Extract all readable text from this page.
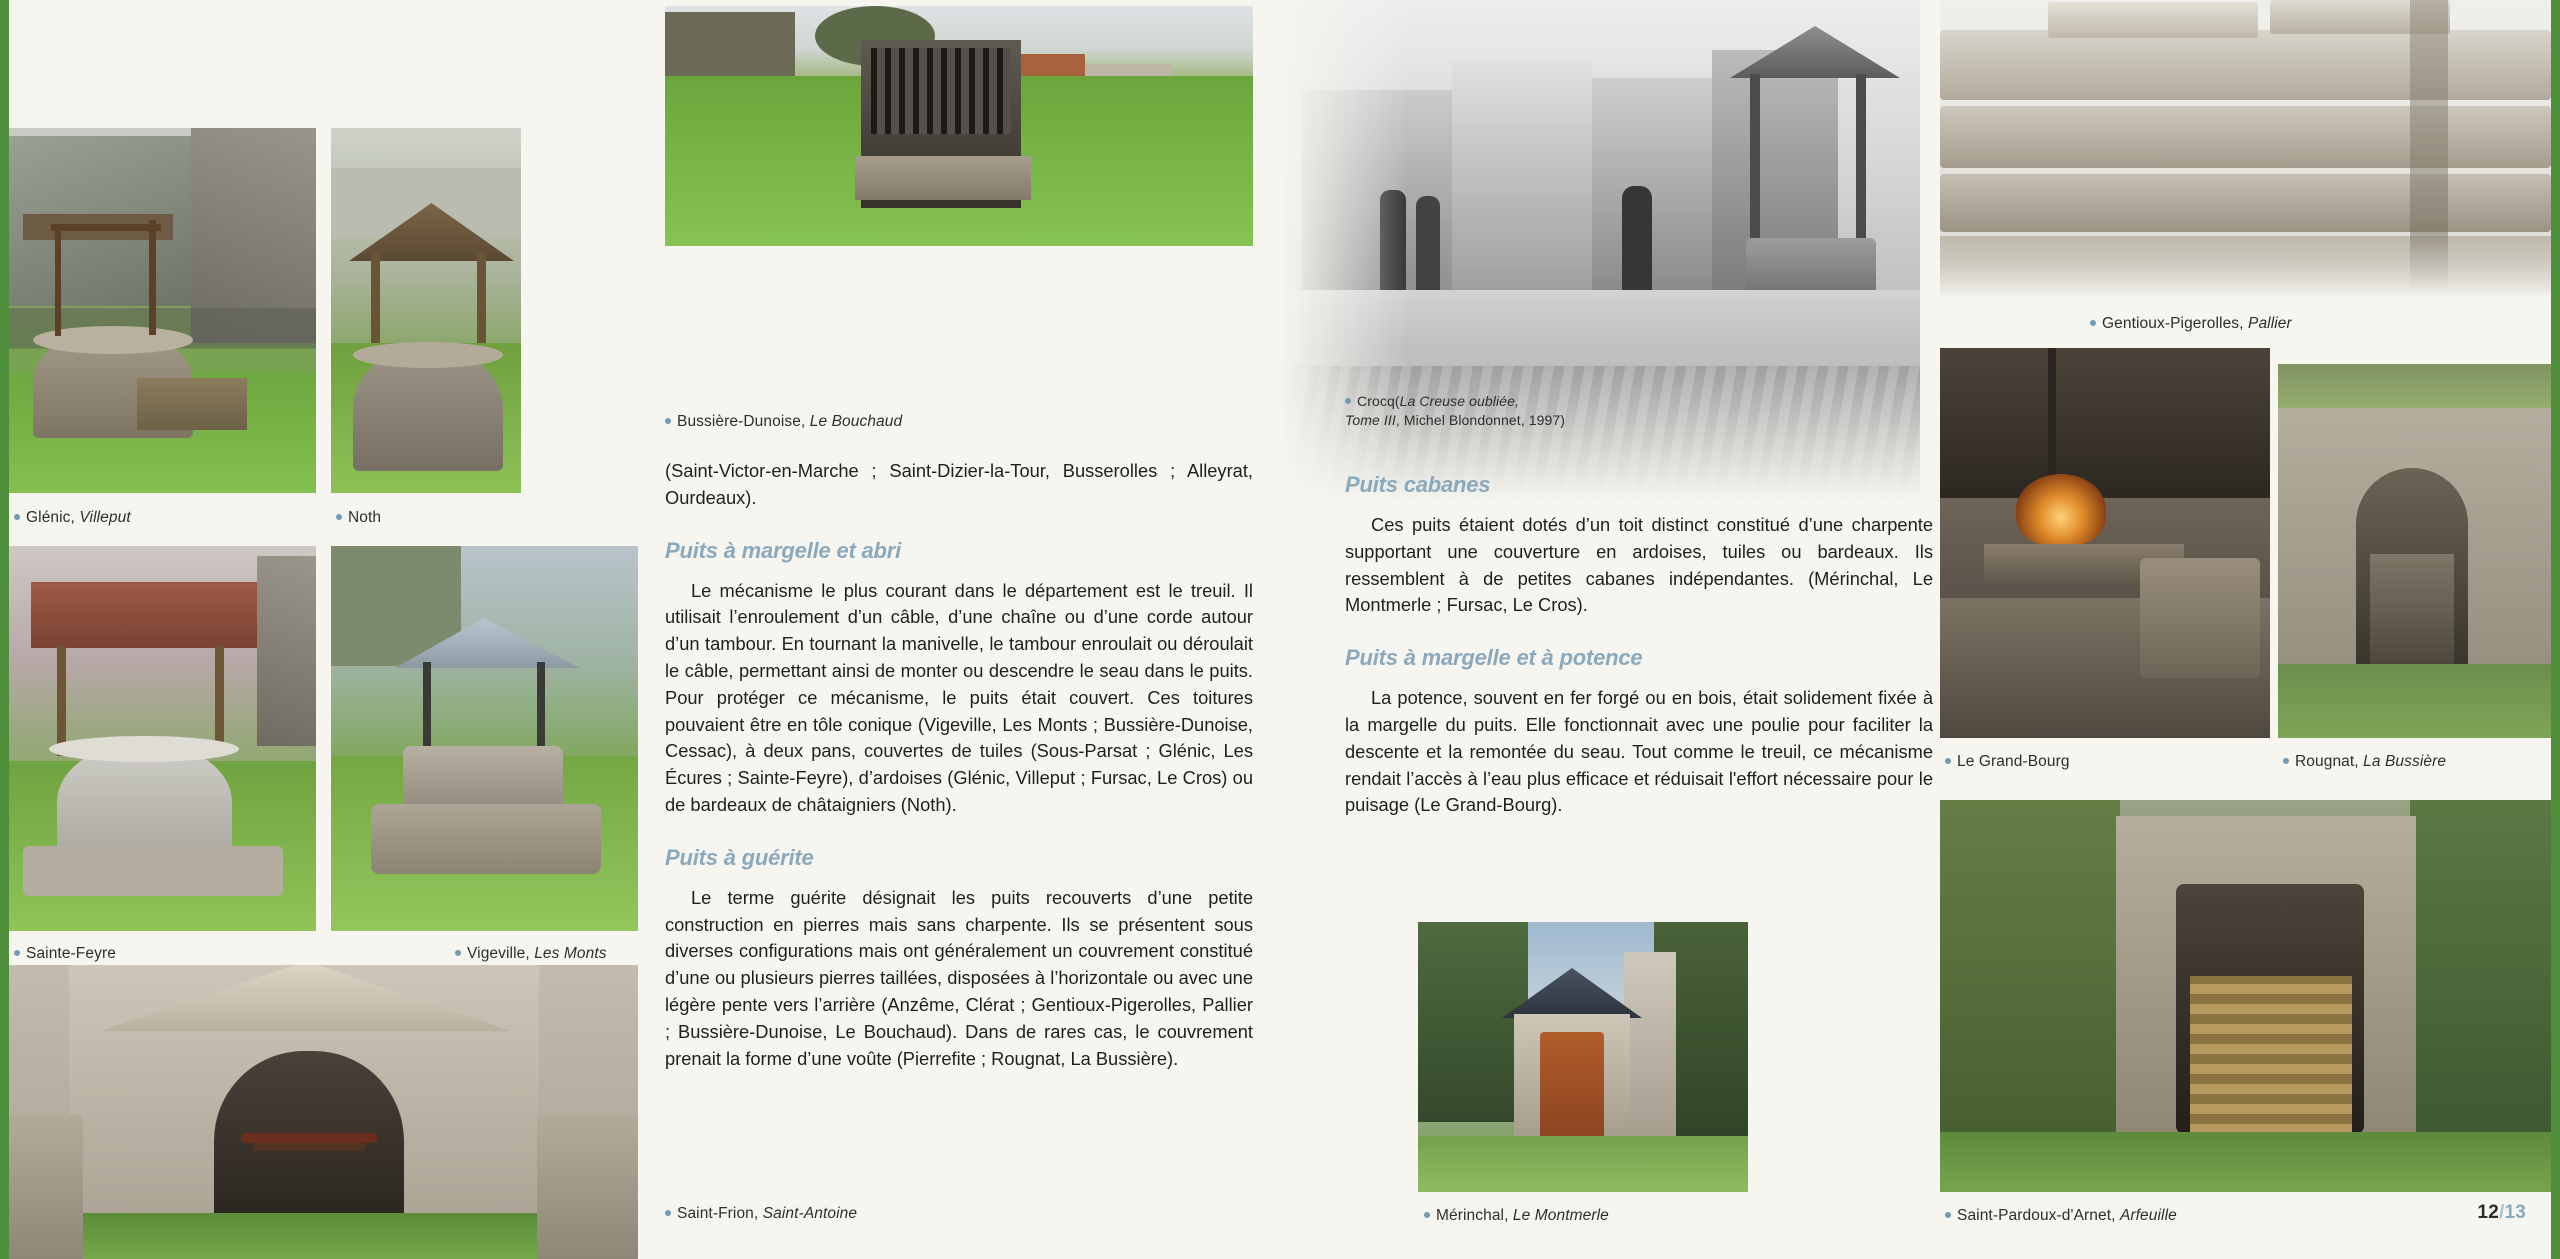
Glénic, Villeput	Noth
Sainte-Feyre	Vigeville, Les Monts
Saint-Frion, Saint-Antoine
Bussière-Dunoise, Le Bouchaud

(Saint-Victor-en-Marche ; Saint-Dizier-la-Tour, Busserolles ; Alleyrat, Ourdeaux).

Puits à margelle et abri

Le mécanisme le plus courant dans le département est le treuil. Il utilisait l’enroulement d’un câble, d’une chaîne ou d’une corde autour d’un tambour. En tournant la manivelle, le tambour enroulait ou déroulait le câble, permettant ainsi de monter ou descendre le seau dans le puits. Pour protéger ce mécanisme, le puits était couvert. Ces toitures pouvaient être en tôle conique (Vigeville, Les Monts ; Bussière-Dunoise, Cessac), à deux pans, couvertes de tuiles (Sous-Parsat ; Glénic, Les Écures ; Sainte-Feyre), d’ardoises (Glénic, Villeput ; Fursac, Le Cros) ou de bardeaux de châtaigniers (Noth).

Puits à guérite

Le terme guérite désignait les puits recouverts d’une petite construction en pierres mais sans charpente. Ils se présentent sous diverses configurations mais ont généralement un couvrement constitué d’une ou plusieurs pierres taillées, disposées à l’horizontale ou avec une légère pente vers l’arrière (Anzême, Clérat ; Gentioux-Pigerolles, Pallier ; Bussière-Dunoise, Le Bouchaud). Dans de rares cas, le couvrement prenait la forme d’une voûte (Pierrefite ; Rougnat, La Bussière).

Crocq(La Creuse oubliée,
Tome III, Michel Blondonnet, 1997)
Puits cabanes

Ces puits étaient dotés d’un toit distinct constitué d’une charpente supportant une couverture en ardoises, tuiles ou bardeaux. Ils ressemblent à de petites cabanes indépendantes. (Mérinchal, Le Montmerle ; Fursac, Le Cros).

Puits à margelle et à potence

La potence, souvent en fer forgé ou en bois, était solidement fixée à la margelle du puits. Elle fonctionnait avec une poulie pour faciliter la descente et la remontée du seau. Tout comme le treuil, ce mécanisme rendait l’accès à l’eau plus efficace et réduisait l'effort nécessaire pour le puisage (Le Grand-Bourg).

Gentioux-Pigerolles, Pallier
Le Grand-Bourg	Rougnat, La Bussière
Mérinchal, Le Montmerle	Saint-Pardoux-d'Arnet, Arfeuille	12/13
